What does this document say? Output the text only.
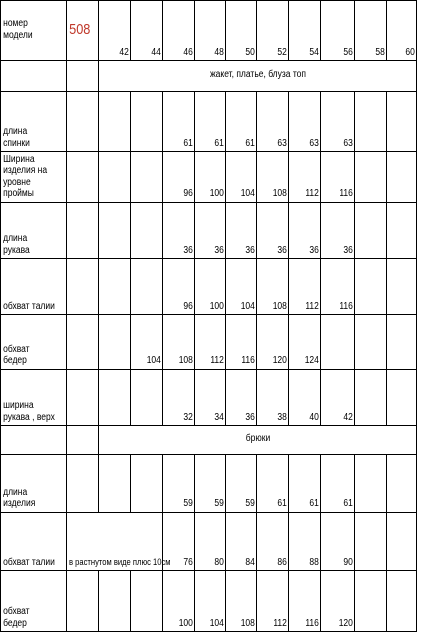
номер модели	508	42	44	46	48	50	52	54	56	58	60
		жакет, платье, блуза топ									
длина спинки				61	61	61	63	63	63		
Ширина изделия на уровне проймы				96	100	104	108	112	116		
длина рукава				36	36	36	36	36	36		
обхват талии				96	100	104	108	112	116		
обхват бедер			104	108	112	116	120	124			
ширина рукава , верх				32	34	36	38	40	42		
		брюки									
длина изделия				59	59	59	61	61	61		
обхват талии	в растнутом виде плюс 10см			76	80	84	86	88	90		
обхват бедер				100	104	108	112	116	120		
